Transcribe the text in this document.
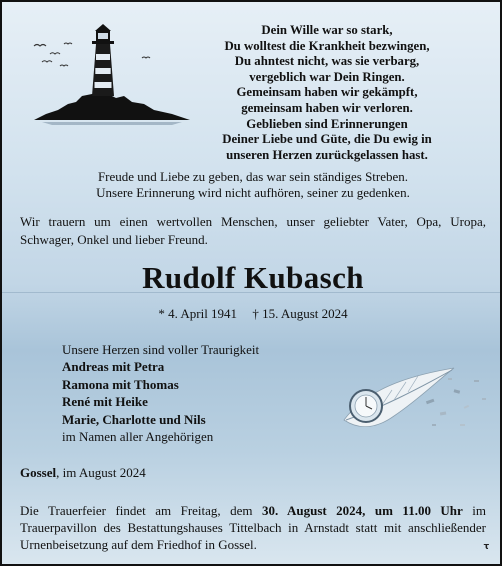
Dein Wille war so stark,
Du wolltest die Krankheit bezwingen,
Du ahntest nicht, was sie verbarg,
vergeblich war Dein Ringen.
Gemeinsam haben wir gekämpft,
gemeinsam haben wir verloren.
Geblieben sind Erinnerungen
Deiner Liebe und Güte, die Du ewig in
unseren Herzen zurückgelassen hast.
Freude und Liebe zu geben, das war sein ständiges Streben.
Unsere Erinnerung wird nicht aufhören, seiner zu gedenken.
Wir trauern um einen wertvollen Menschen, unser geliebter Vater, Opa, Uropa, Schwager, Onkel und lieber Freund.
Rudolf Kubasch
* 4. April 1941 † 15. August 2024
Unsere Herzen sind voller Traurigkeit
Andreas mit Petra
Ramona mit Thomas
René mit Heike
Marie, Charlotte und Nils
im Namen aller Angehörigen
Gossel, im August 2024
Die Trauerfeier findet am Freitag, dem 30. August 2024, um 11.00 Uhr im Trauerpavillon des Bestattungshauses Tittelbach in Arnstadt statt mit anschließender Urnenbeisetzung auf dem Friedhof in Gossel.	ꚍ
